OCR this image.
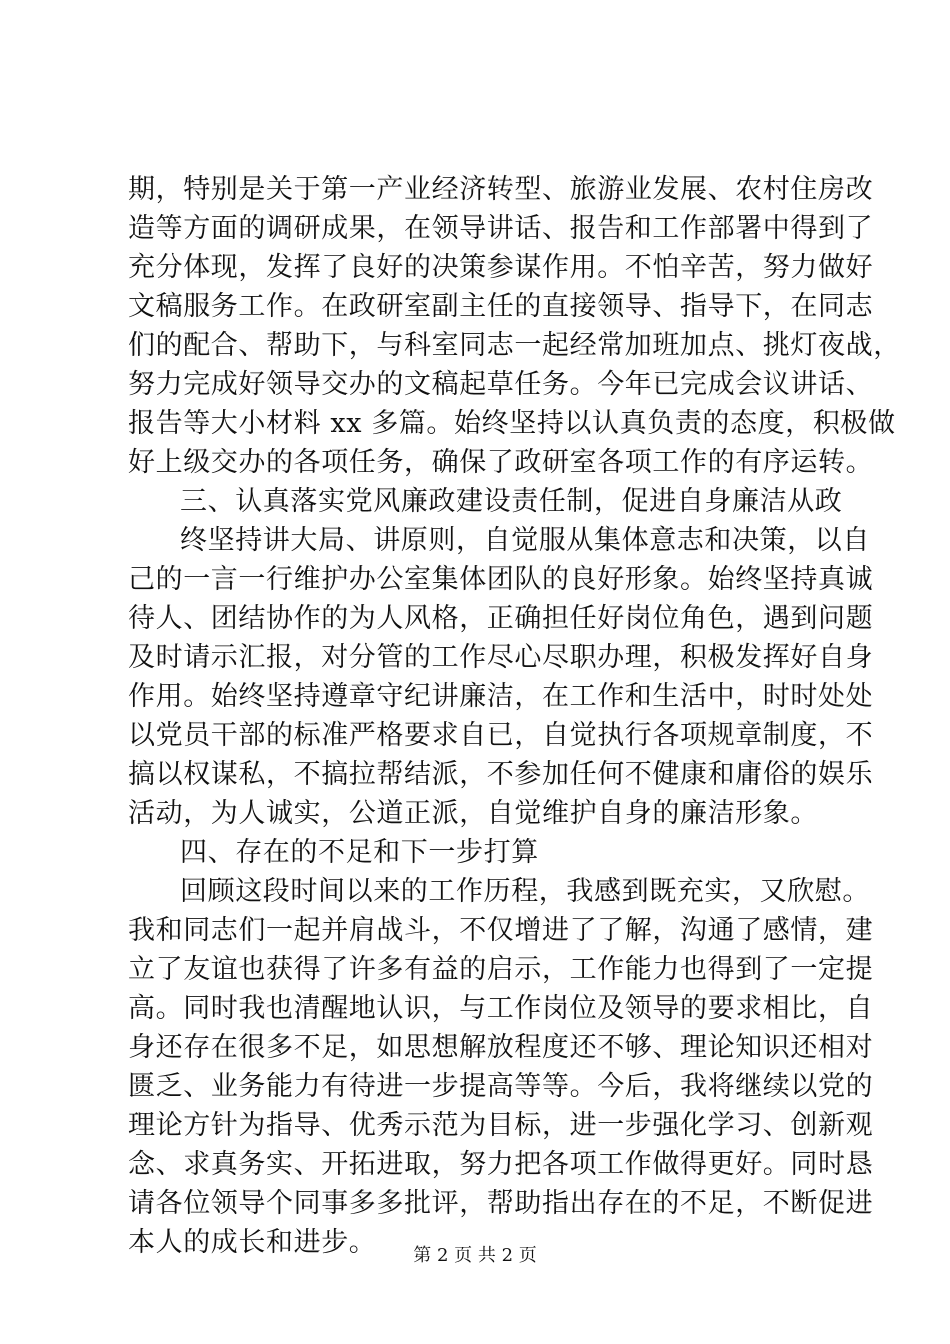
期，特别是关于第一产业经济转型、旅游业发展、农村住房改
造等方面的调研成果，在领导讲话、报告和工作部署中得到了
充分体现，发挥了良好的决策参谋作用。不怕辛苦，努力做好
文稿服务工作。在政研室副主任的直接领导、指导下，在同志
们的配合、帮助下，与科室同志一起经常加班加点、挑灯夜战，
努力完成好领导交办的文稿起草任务。今年已完成会议讲话、
报告等大小材料 xx 多篇。始终坚持以认真负责的态度，积极做
好上级交办的各项任务，确保了政研室各项工作的有序运转。
三、认真落实党风廉政建设责任制，促进自身廉洁从政
终坚持讲大局、讲原则，自觉服从集体意志和决策，以自
己的一言一行维护办公室集体团队的良好形象。始终坚持真诚
待人、团结协作的为人风格，正确担任好岗位角色，遇到问题
及时请示汇报，对分管的工作尽心尽职办理，积极发挥好自身
作用。始终坚持遵章守纪讲廉洁，在工作和生活中，时时处处
以党员干部的标准严格要求自已，自觉执行各项规章制度，不
搞以权谋私，不搞拉帮结派，不参加任何不健康和庸俗的娱乐
活动，为人诚实，公道正派，自觉维护自身的廉洁形象。
四、存在的不足和下一步打算
回顾这段时间以来的工作历程，我感到既充实，又欣慰。
我和同志们一起并肩战斗，不仅增进了了解，沟通了感情，建
立了友谊也获得了许多有益的启示，工作能力也得到了一定提
高。同时我也清醒地认识，与工作岗位及领导的要求相比，自
身还存在很多不足，如思想解放程度还不够、理论知识还相对
匮乏、业务能力有待进一步提高等等。今后，我将继续以党的
理论方针为指导、优秀示范为目标，进一步强化学习、创新观
念、求真务实、开拓进取，努力把各项工作做得更好。同时恳
请各位领导个同事多多批评，帮助指出存在的不足，不断促进
本人的成长和进步。	第 2 页 共 2 页
